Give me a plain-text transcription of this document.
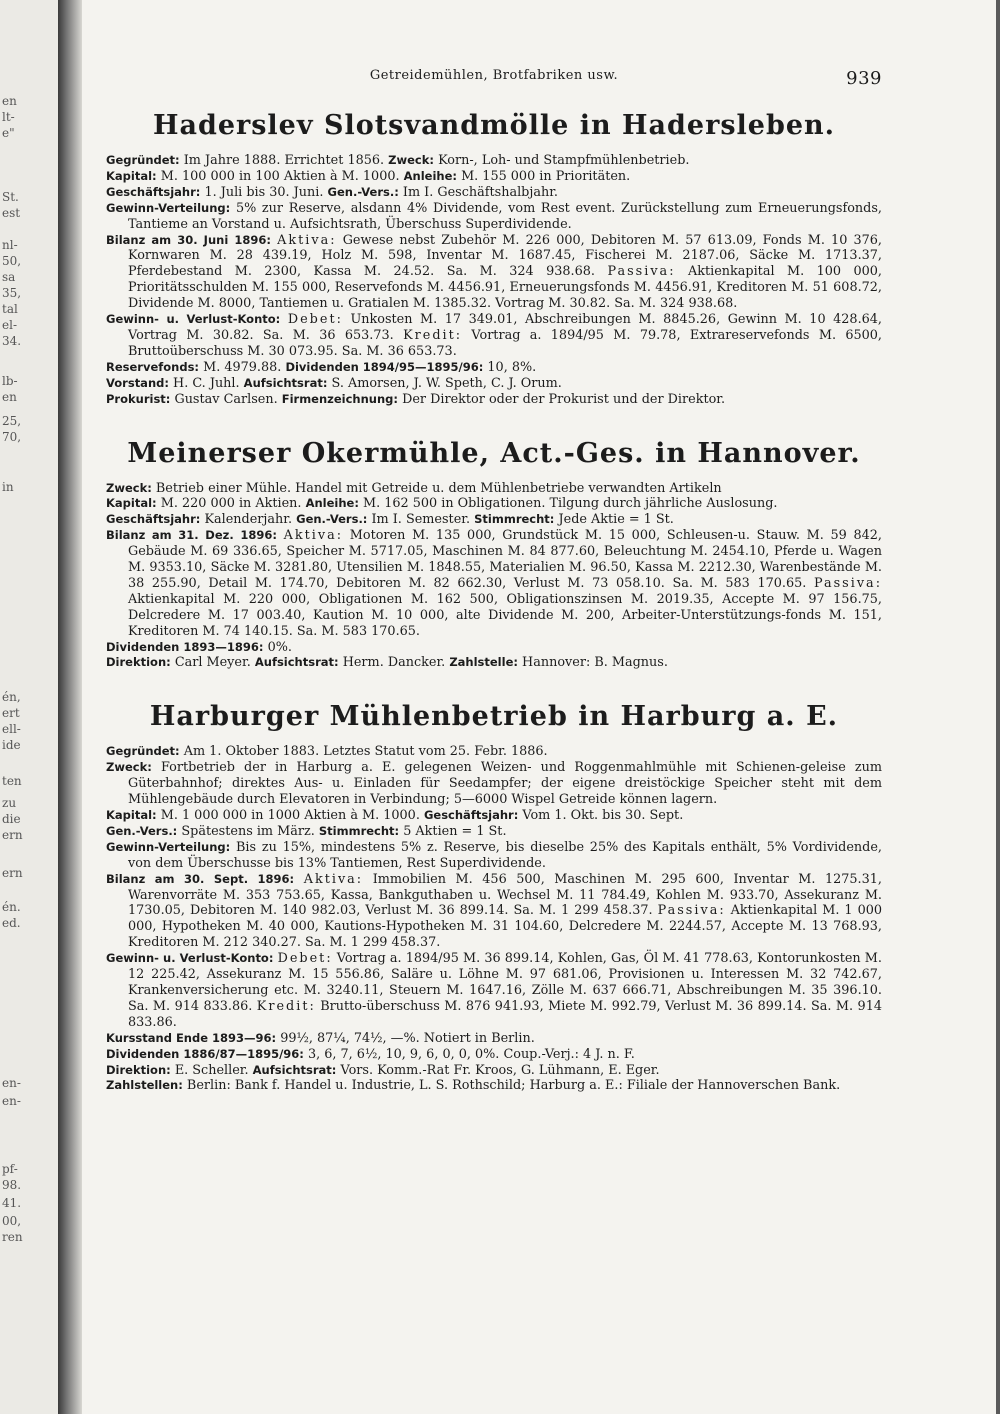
en
lt-
e"
St.
est
nl-
50,
sa
35,
tal
el-
34.
lb-
en
25,
70,
in
én,
ert
ell-
ide
ten
zu
die
ern
ern
én.
ed.
en-
en-
pf-
98.
41.
00,
ren
Getreidemühlen, Brotfabriken usw.	939
Haderslev Slotsvandmölle in Hadersleben.

Gegründet: Im Jahre 1888. Errichtet 1856. Zweck: Korn-, Loh- und Stampfmühlenbetrieb.

Kapital: M. 100 000 in 100 Aktien à M. 1000. Anleihe: M. 155 000 in Prioritäten.

Geschäftsjahr: 1. Juli bis 30. Juni. Gen.-Vers.: Im I. Geschäftshalbjahr.

Gewinn-Verteilung: 5% zur Reserve, alsdann 4% Dividende, vom Rest event. Zurückstellung zum Erneuerungsfonds, Tantieme an Vorstand u. Aufsichtsrath, Überschuss Superdividende.

Bilanz am 30. Juni 1896: Aktiva: Gewese nebst Zubehör M. 226 000, Debitoren M. 57 613.09, Fonds M. 10 376, Kornwaren M. 28 439.19, Holz M. 598, Inventar M. 1687.45, Fischerei M. 2187.06, Säcke M. 1713.37, Pferdebestand M. 2300, Kassa M. 24.52. Sa. M. 324 938.68. Passiva: Aktienkapital M. 100 000, Prioritätsschulden M. 155 000, Reservefonds M. 4456.91, Erneuerungsfonds M. 4456.91, Kreditoren M. 51 608.72, Dividende M. 8000, Tantiemen u. Gratialen M. 1385.32. Vortrag M. 30.82. Sa. M. 324 938.68.

Gewinn- u. Verlust-Konto: Debet: Unkosten M. 17 349.01, Abschreibungen M. 8845.26, Gewinn M. 10 428.64, Vortrag M. 30.82. Sa. M. 36 653.73. Kredit: Vortrag a. 1894/95 M. 79.78, Extrareservefonds M. 6500, Bruttoüberschuss M. 30 073.95. Sa. M. 36 653.73.

Reservefonds: M. 4979.88. Dividenden 1894/95—1895/96: 10, 8%.

Vorstand: H. C. Juhl. Aufsichtsrat: S. Amorsen, J. W. Speth, C. J. Orum.

Prokurist: Gustav Carlsen. Firmenzeichnung: Der Direktor oder der Prokurist und der Direktor.

Meinerser Okermühle, Act.-Ges. in Hannover.

Zweck: Betrieb einer Mühle. Handel mit Getreide u. dem Mühlenbetriebe verwandten Artikeln

Kapital: M. 220 000 in Aktien. Anleihe: M. 162 500 in Obligationen. Tilgung durch jährliche Auslosung.

Geschäftsjahr: Kalenderjahr. Gen.-Vers.: Im I. Semester. Stimmrecht: Jede Aktie = 1 St.

Bilanz am 31. Dez. 1896: Aktiva: Motoren M. 135 000, Grundstück M. 15 000, Schleusen-u. Stauw. M. 59 842, Gebäude M. 69 336.65, Speicher M. 5717.05, Maschinen M. 84 877.60, Beleuchtung M. 2454.10, Pferde u. Wagen M. 9353.10, Säcke M. 3281.80, Utensilien M. 1848.55, Materialien M. 96.50, Kassa M. 2212.30, Warenbestände M. 38 255.90, Detail M. 174.70, Debitoren M. 82 662.30, Verlust M. 73 058.10. Sa. M. 583 170.65. Passiva: Aktienkapital M. 220 000, Obligationen M. 162 500, Obligationszinsen M. 2019.35, Accepte M. 97 156.75, Delcredere M. 17 003.40, Kaution M. 10 000, alte Dividende M. 200, Arbeiter-Unterstützungs-fonds M. 151, Kreditoren M. 74 140.15. Sa. M. 583 170.65.

Dividenden 1893—1896: 0%.

Direktion: Carl Meyer. Aufsichtsrat: Herm. Dancker. Zahlstelle: Hannover: B. Magnus.

Harburger Mühlenbetrieb in Harburg a. E.

Gegründet: Am 1. Oktober 1883. Letztes Statut vom 25. Febr. 1886.

Zweck: Fortbetrieb der in Harburg a. E. gelegenen Weizen- und Roggenmahlmühle mit Schienen-geleise zum Güterbahnhof; direktes Aus- u. Einladen für Seedampfer; der eigene dreistöckige Speicher steht mit dem Mühlengebäude durch Elevatoren in Verbindung; 5—6000 Wispel Getreide können lagern.

Kapital: M. 1 000 000 in 1000 Aktien à M. 1000. Geschäftsjahr: Vom 1. Okt. bis 30. Sept.

Gen.-Vers.: Spätestens im März. Stimmrecht: 5 Aktien = 1 St.

Gewinn-Verteilung: Bis zu 15%, mindestens 5% z. Reserve, bis dieselbe 25% des Kapitals enthält, 5% Vordividende, von dem Überschusse bis 13% Tantiemen, Rest Superdividende.

Bilanz am 30. Sept. 1896: Aktiva: Immobilien M. 456 500, Maschinen M. 295 600, Inventar M. 1275.31, Warenvorräte M. 353 753.65, Kassa, Bankguthaben u. Wechsel M. 11 784.49, Kohlen M. 933.70, Assekuranz M. 1730.05, Debitoren M. 140 982.03, Verlust M. 36 899.14. Sa. M. 1 299 458.37. Passiva: Aktienkapital M. 1 000 000, Hypotheken M. 40 000, Kautions-Hypotheken M. 31 104.60, Delcredere M. 2244.57, Accepte M. 13 768.93, Kreditoren M. 212 340.27. Sa. M. 1 299 458.37.

Gewinn- u. Verlust-Konto: Debet: Vortrag a. 1894/95 M. 36 899.14, Kohlen, Gas, Öl M. 41 778.63, Kontorunkosten M. 12 225.42, Assekuranz M. 15 556.86, Saläre u. Löhne M. 97 681.06, Provisionen u. Interessen M. 32 742.67, Krankenversicherung etc. M. 3240.11, Steuern M. 1647.16, Zölle M. 637 666.71, Abschreibungen M. 35 396.10. Sa. M. 914 833.86. Kredit: Brutto-überschuss M. 876 941.93, Miete M. 992.79, Verlust M. 36 899.14. Sa. M. 914 833.86.

Kursstand Ende 1893—96: 99½, 87¼, 74½, —%. Notiert in Berlin.

Dividenden 1886/87—1895/96: 3, 6, 7, 6½, 10, 9, 6, 0, 0, 0%. Coup.-Verj.: 4 J. n. F.

Direktion: E. Scheller. Aufsichtsrat: Vors. Komm.-Rat Fr. Kroos, G. Lühmann, E. Eger.

Zahlstellen: Berlin: Bank f. Handel u. Industrie, L. S. Rothschild; Harburg a. E.: Filiale der Hannoverschen Bank.
